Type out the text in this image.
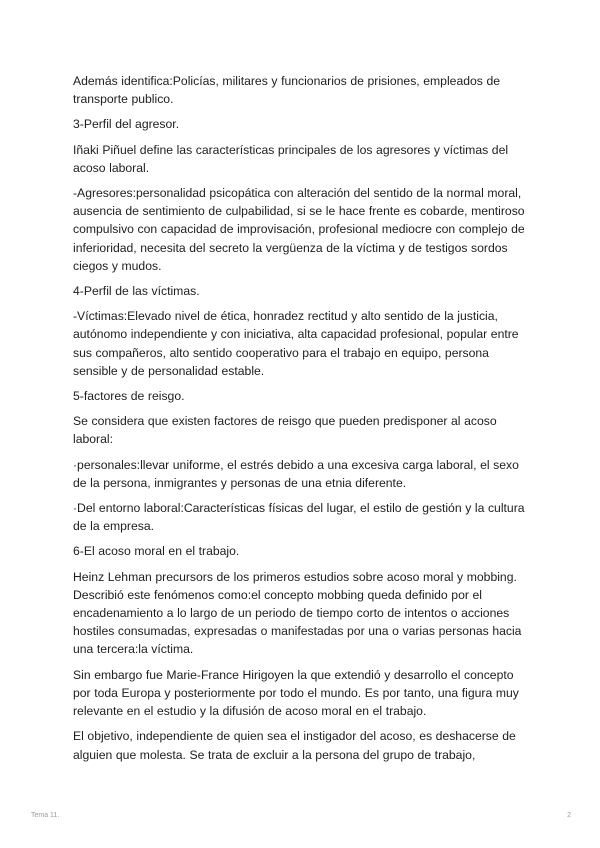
Además identifica:Policías, militares y funcionarios de prisiones, empleados de transporte publico.

3-Perfil del agresor.

Iñaki Piñuel define las características principales de los agresores y víctimas del acoso laboral.

-Agresores:personalidad psicopática con alteración del sentido de la normal moral, ausencia de sentimiento de culpabilidad, si se le hace frente es cobarde, mentiroso compulsivo con capacidad de improvisación, profesional mediocre con complejo de inferioridad, necesita del secreto la vergüenza de la víctima y de testigos sordos ciegos y mudos.

4-Perfil de las víctimas.

-Víctimas:Elevado nivel de ética, honradez rectitud y alto sentido de la justicia, autónomo independiente y con iniciativa, alta capacidad profesional, popular entre sus compañeros, alto sentido cooperativo para el trabajo en equipo, persona sensible y de personalidad estable.

5-factores de reisgo.

Se considera que existen factores de reisgo que pueden predisponer al acoso laboral:

·personales:llevar uniforme, el estrés debido a una excesiva carga laboral, el sexo de la persona, inmigrantes y personas de una etnia diferente.

·Del entorno laboral:Características físicas del lugar, el estilo de gestión y la cultura de la empresa.

6-El acoso moral en el trabajo.

Heinz Lehman precursors de los primeros estudios sobre acoso moral y mobbing. Describió este fenómenos como:el concepto mobbing queda definido por el encadenamiento a lo largo de un periodo de tiempo corto de intentos o acciones hostiles consumadas, expresadas o manifestadas por una o varias personas hacia una tercera:la víctima.

Sin embargo fue Marie-France Hirigoyen la que extendió y desarrollo el concepto por toda Europa y posteriormente por todo el mundo. Es por tanto, una figura muy relevante en el estudio y la difusión de acoso moral en el trabajo.

El objetivo, independiente de quien sea el instigador del acoso, es deshacerse de alguien que molesta. Se trata de excluir a la persona del grupo de trabajo,

Tema 11.	2
